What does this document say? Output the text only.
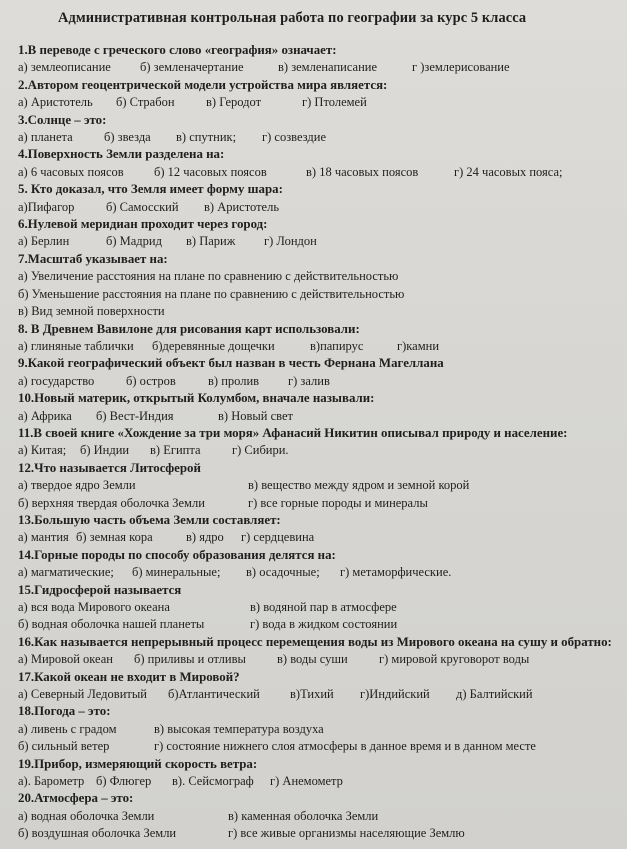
Административная контрольная работа по географии за курс 5 класса
1.В переводе с греческого слово «география» означает:
а) землеописание	б) земленачертание	в) земленаписание	г )землерисование
2.Автором геоцентрической модели устройства мира является:
а) Аристотель	б) Страбон	в) Геродот	г) Птолемей
3.Солнце – это:
а) планета	б) звезда	в) спутник;	г) созвездие
4.Поверхность Земли разделена на:
а) 6 часовых поясов	б) 12 часовых поясов	в) 18 часовых поясов	г) 24 часовых пояса;
5. Кто доказал, что Земля имеет форму шара:
а)Пифагор	б) Самосский	в) Аристотель
6.Нулевой меридиан проходит через город:
а) Берлин	б) Мадрид	в) Париж	г) Лондон
7.Масштаб указывает на:
а) Увеличение расстояния на плане по сравнению с действительностью
б) Уменьшение расстояния на плане по сравнению с действительностью
в) Вид земной поверхности
8. В Древнем Вавилоне для рисования карт использовали:
а) глиняные таблички	б)деревянные дощечки	в)папирус	г)камни
9.Какой географический объект был назван в честь Фернана Магеллана
а) государство	б) остров	в) пролив	г) залив
10.Новый материк, открытый Колумбом, вначале называли:
а) Африка	б) Вест-Индия	в) Новый свет
11.В своей книге «Хождение за три моря» Афанасий Никитин описывал природу и население:
а) Китая;	б) Индии	в) Египта	г) Сибири.
12.Что называется Литосферой
а) твердое ядро Земли	в) вещество между ядром и земной корой
б) верхняя твердая оболочка Земли	г) все горные породы и минералы
13.Большую часть объема Земли составляет:
а) мантия б) земная кора	в) ядро	г) сердцевина
14.Горные породы по способу образования делятся на:
а) магматические;	б) минеральные;	в) осадочные;	г) метаморфические.
15.Гидросферой называется
а) вся вода Мирового океана	в) водяной пар в атмосфере
б) водная оболочка нашей планеты	г) вода в жидком состоянии
16.Как называется непрерывный процесс перемещения воды из Мирового океана на сушу и обратно:
а) Мировой океан	б) приливы и отливы	в) воды суши	г) мировой круговорот воды
17.Какой океан не входит в Мировой?
а) Северный Ледовитый	б)Атлантический	в)Тихий	г)Индийский	д) Балтийский
18.Погода – это:
а) ливень с градом	в) высокая температура воздуха
б) сильный ветер	г) состояние нижнего слоя атмосферы в данное время и в данном месте
19.Прибор, измеряющий скорость ветра:
а). Барометр б) Флюгер	в). Сейсмограф	г) Анемометр
20.Атмосфера – это:
а) водная оболочка Земли	в) каменная оболочка Земли
б) воздушная оболочка Земли	г) все живые организмы населяющие Землю
